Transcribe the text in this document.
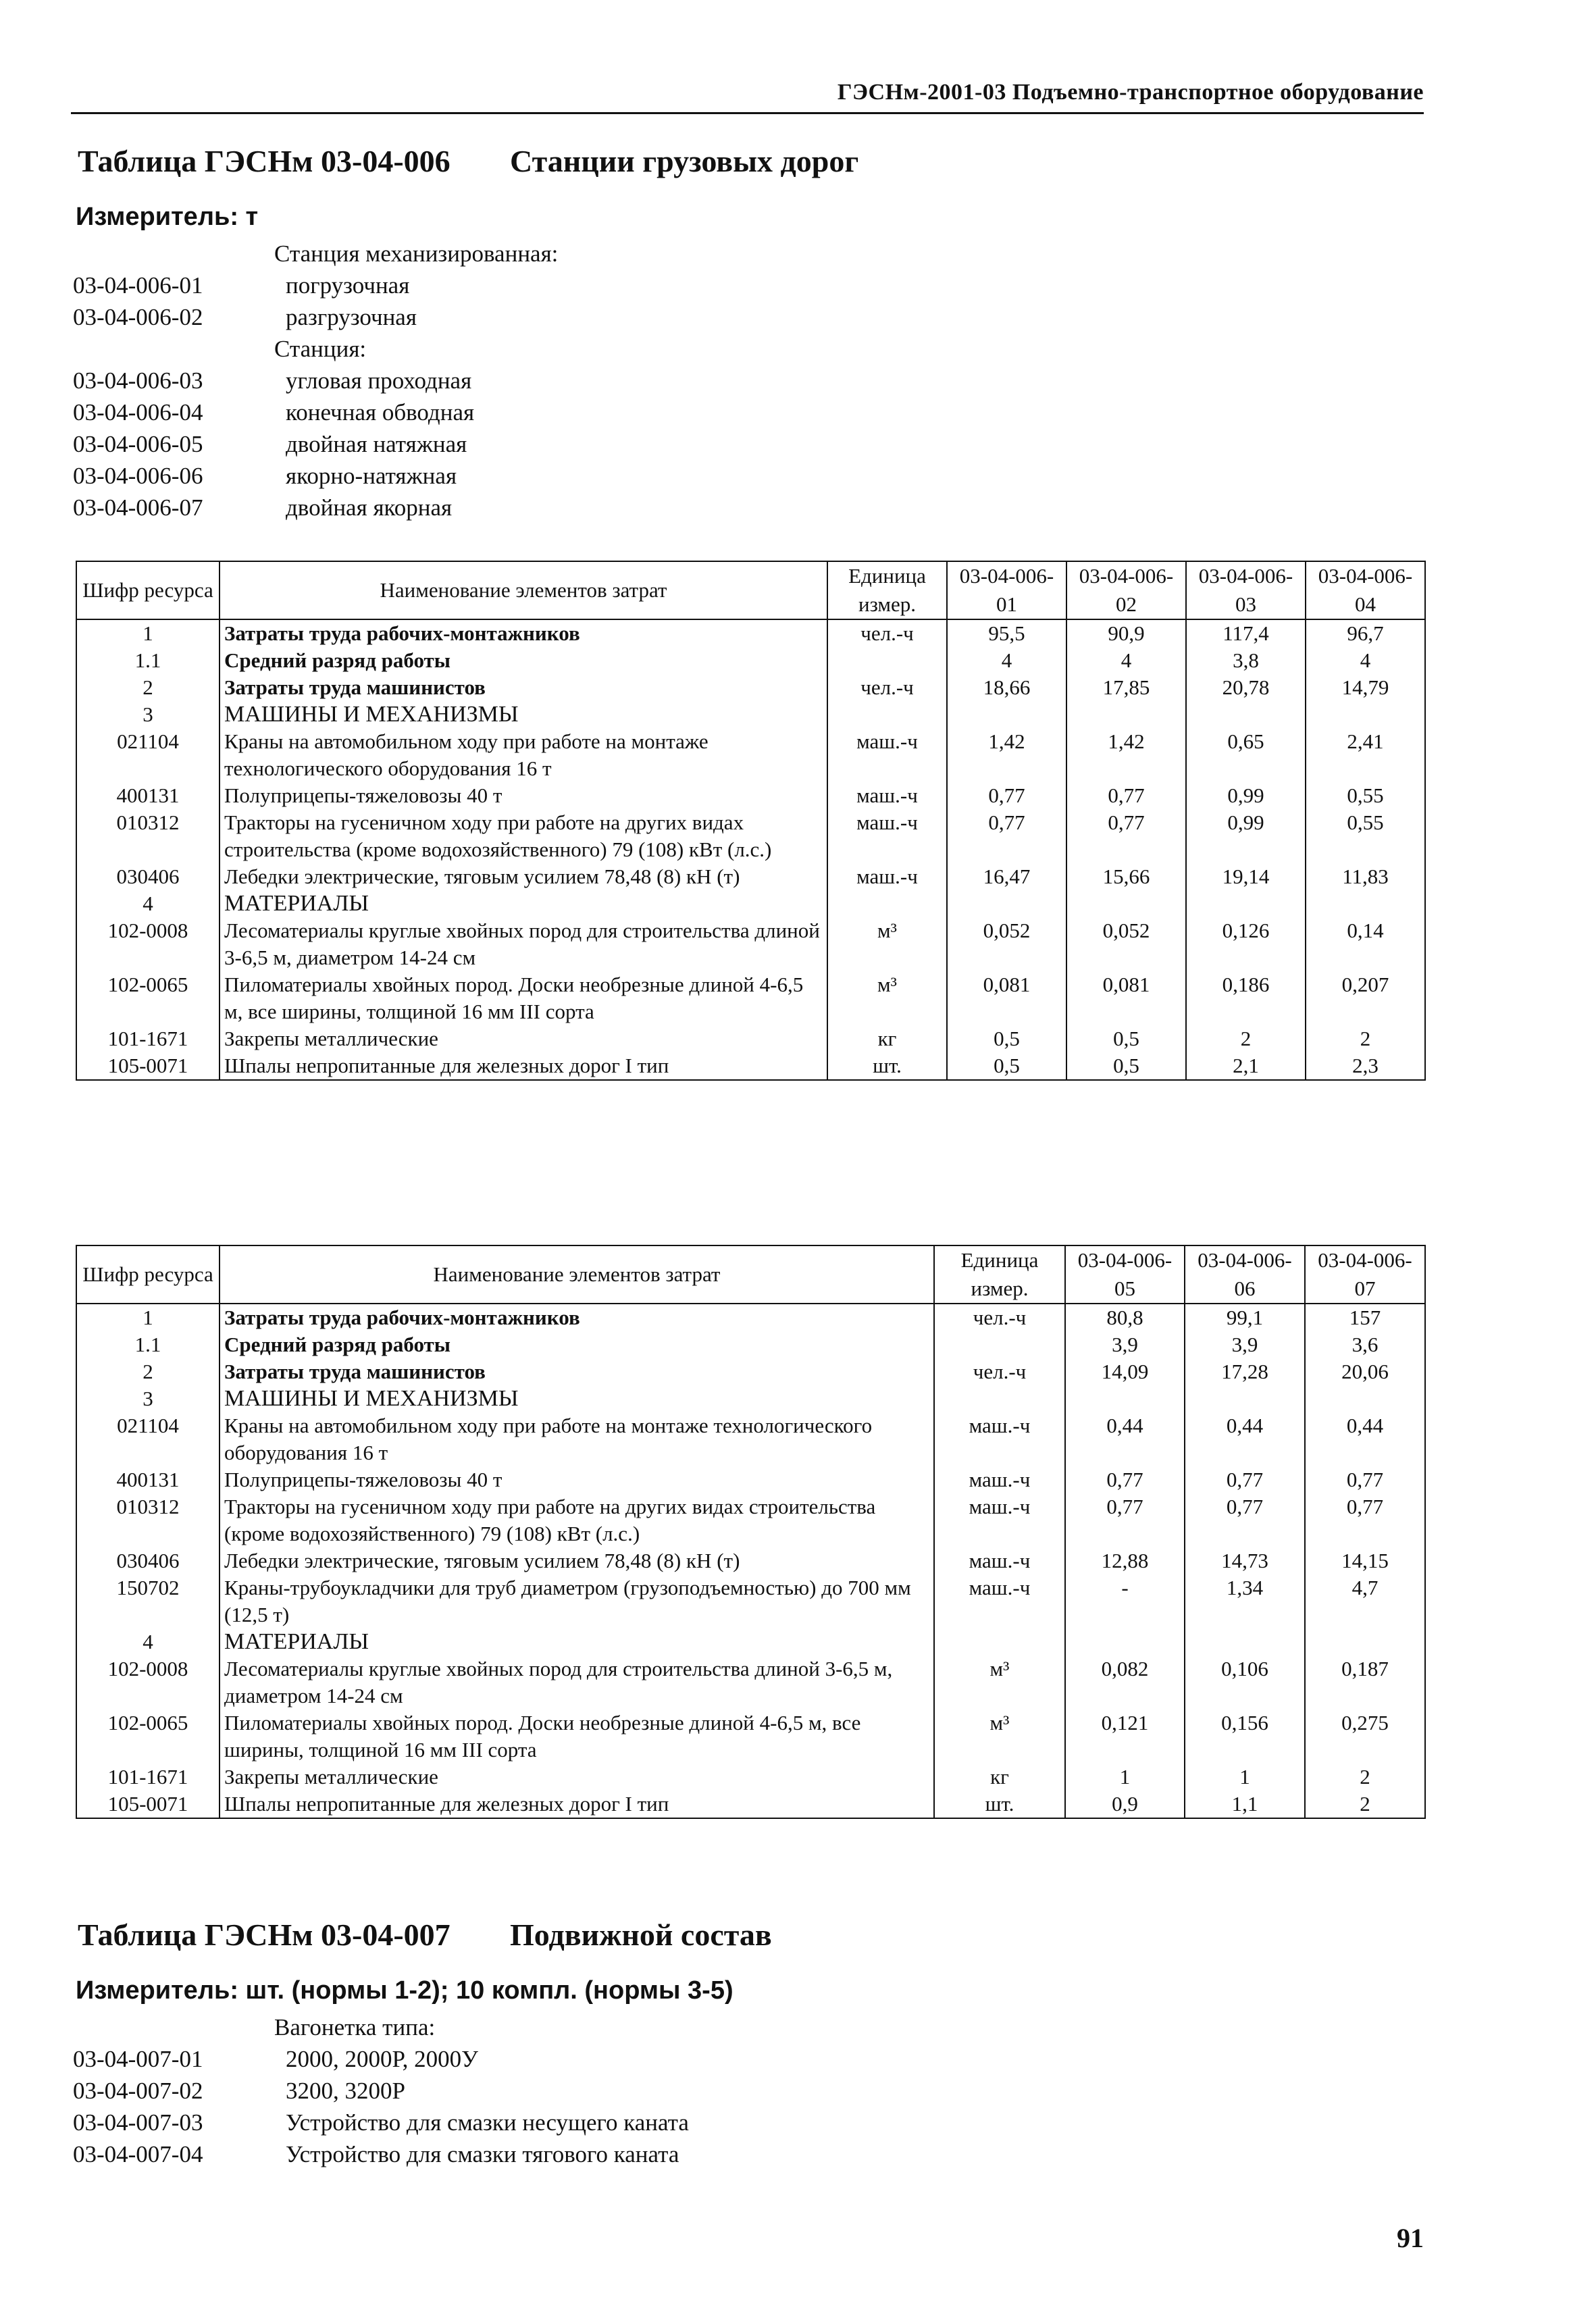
ГЭСНм-2001-03 Подъемно-транспортное оборудование
Таблица ГЭСНм 03-04-006 Станции грузовых дорог
Измеритель: т
Станция механизированная:
03-04-006-01	погрузочная
03-04-006-02	разгрузочная
Станция:
03-04-006-03	угловая проходная
03-04-006-04	конечная обводная
03-04-006-05	двойная натяжная
03-04-006-06	якорно-натяжная
03-04-006-07	двойная якорная
Шифр ресурса	Наименование элементов затрат	Единица измер.	03-04-006-01	03-04-006-02	03-04-006-03	03-04-006-04
1	Затраты труда рабочих-монтажников	чел.-ч	95,5	90,9	117,4	96,7
1.1	Средний разряд работы		4	4	3,8	4
2	Затраты труда машинистов	чел.-ч	18,66	17,85	20,78	14,79
3	МАШИНЫ И МЕХАНИЗМЫ					
021104	Краны на автомобильном ходу при работе на монтаже технологического оборудования 16 т	маш.-ч	1,42	1,42	0,65	2,41
400131	Полуприцепы-тяжеловозы 40 т	маш.-ч	0,77	0,77	0,99	0,55
010312	Тракторы на гусеничном ходу при работе на других видах строительства (кроме водохозяйственного) 79 (108) кВт (л.с.)	маш.-ч	0,77	0,77	0,99	0,55
030406	Лебедки электрические, тяговым усилием 78,48 (8) кН (т)	маш.-ч	16,47	15,66	19,14	11,83
4	МАТЕРИАЛЫ					
102-0008	Лесоматериалы круглые хвойных пород для строительства длиной 3-6,5 м, диаметром 14-24 см	м³	0,052	0,052	0,126	0,14
102-0065	Пиломатериалы хвойных пород. Доски необрезные длиной 4-6,5 м, все ширины, толщиной 16 мм III сорта	м³	0,081	0,081	0,186	0,207
101-1671	Закрепы металлические	кг	0,5	0,5	2	2
105-0071	Шпалы непропитанные для железных дорог I тип	шт.	0,5	0,5	2,1	2,3
Шифр ресурса	Наименование элементов затрат	Единица измер.	03-04-006-05	03-04-006-06	03-04-006-07
1	Затраты труда рабочих-монтажников	чел.-ч	80,8	99,1	157
1.1	Средний разряд работы		3,9	3,9	3,6
2	Затраты труда машинистов	чел.-ч	14,09	17,28	20,06
3	МАШИНЫ И МЕХАНИЗМЫ				
021104	Краны на автомобильном ходу при работе на монтаже технологического оборудования 16 т	маш.-ч	0,44	0,44	0,44
400131	Полуприцепы-тяжеловозы 40 т	маш.-ч	0,77	0,77	0,77
010312	Тракторы на гусеничном ходу при работе на других видах строительства (кроме водохозяйственного) 79 (108) кВт (л.с.)	маш.-ч	0,77	0,77	0,77
030406	Лебедки электрические, тяговым усилием 78,48 (8) кН (т)	маш.-ч	12,88	14,73	14,15
150702	Краны-трубоукладчики для труб диаметром (грузоподъемностью) до 700 мм (12,5 т)	маш.-ч	-	1,34	4,7
4	МАТЕРИАЛЫ				
102-0008	Лесоматериалы круглые хвойных пород для строительства длиной 3-6,5 м, диаметром 14-24 см	м³	0,082	0,106	0,187
102-0065	Пиломатериалы хвойных пород. Доски необрезные длиной 4-6,5 м, все ширины, толщиной 16 мм III сорта	м³	0,121	0,156	0,275
101-1671	Закрепы металлические	кг	1	1	2
105-0071	Шпалы непропитанные для железных дорог I тип	шт.	0,9	1,1	2
Таблица ГЭСНм 03-04-007 Подвижной состав
Измеритель: шт. (нормы 1-2); 10 компл. (нормы 3-5)
Вагонетка типа:
03-04-007-01	2000, 2000Р, 2000У
03-04-007-02	3200, 3200Р
03-04-007-03	Устройство для смазки несущего каната
03-04-007-04	Устройство для смазки тягового каната
91
